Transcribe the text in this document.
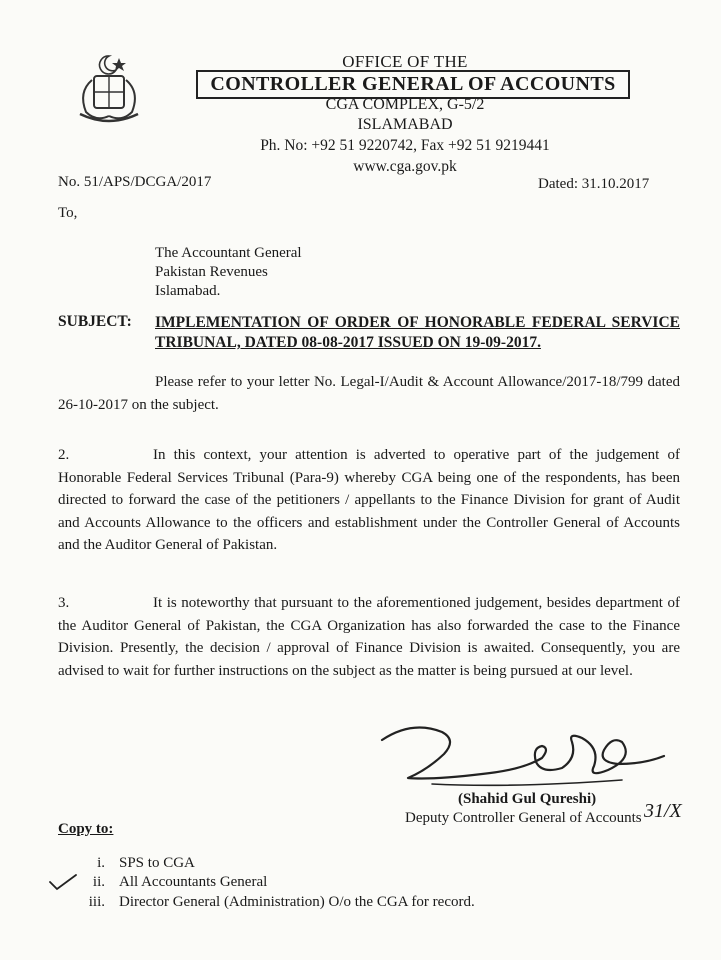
OFFICE OF THE
CONTROLLER GENERAL OF ACCOUNTS
CGA COMPLEX, G-5/2
ISLAMABAD
Ph. No: +92 51 9220742, Fax +92 51 9219441
www.cga.gov.pk
No. 51/APS/DCGA/2017	Dated: 31.10.2017
To,
The Accountant General
Pakistan Revenues
Islamabad.
SUBJECT: IMPLEMENTATION OF ORDER OF HONORABLE FEDERAL SERVICE TRIBUNAL, DATED 08-08-2017 ISSUED ON 19-09-2017.
Please refer to your letter No. Legal-I/Audit & Account Allowance/2017-18/799 dated 26-10-2017 on the subject.
2.	In this context, your attention is adverted to operative part of the judgement of Honorable Federal Services Tribunal (Para-9) whereby CGA being one of the respondents, has been directed to forward the case of the petitioners / appellants to the Finance Division for grant of Audit and Accounts Allowance to the officers and establishment under the Controller General of Accounts and the Auditor General of Pakistan.
3.	It is noteworthy that pursuant to the aforementioned judgement, besides department of the Auditor General of Pakistan, the CGA Organization has also forwarded the case to the Finance Division. Presently, the decision / approval of Finance Division is awaited. Consequently, you are advised to wait for further instructions on the subject as the matter is being pursued at our level.
(Shahid Gul Qureshi)
Deputy Controller General of Accounts 31/X
Copy to:
i. SPS to CGA
ii. All Accountants General
iii. Director General (Administration) O/o the CGA for record.
